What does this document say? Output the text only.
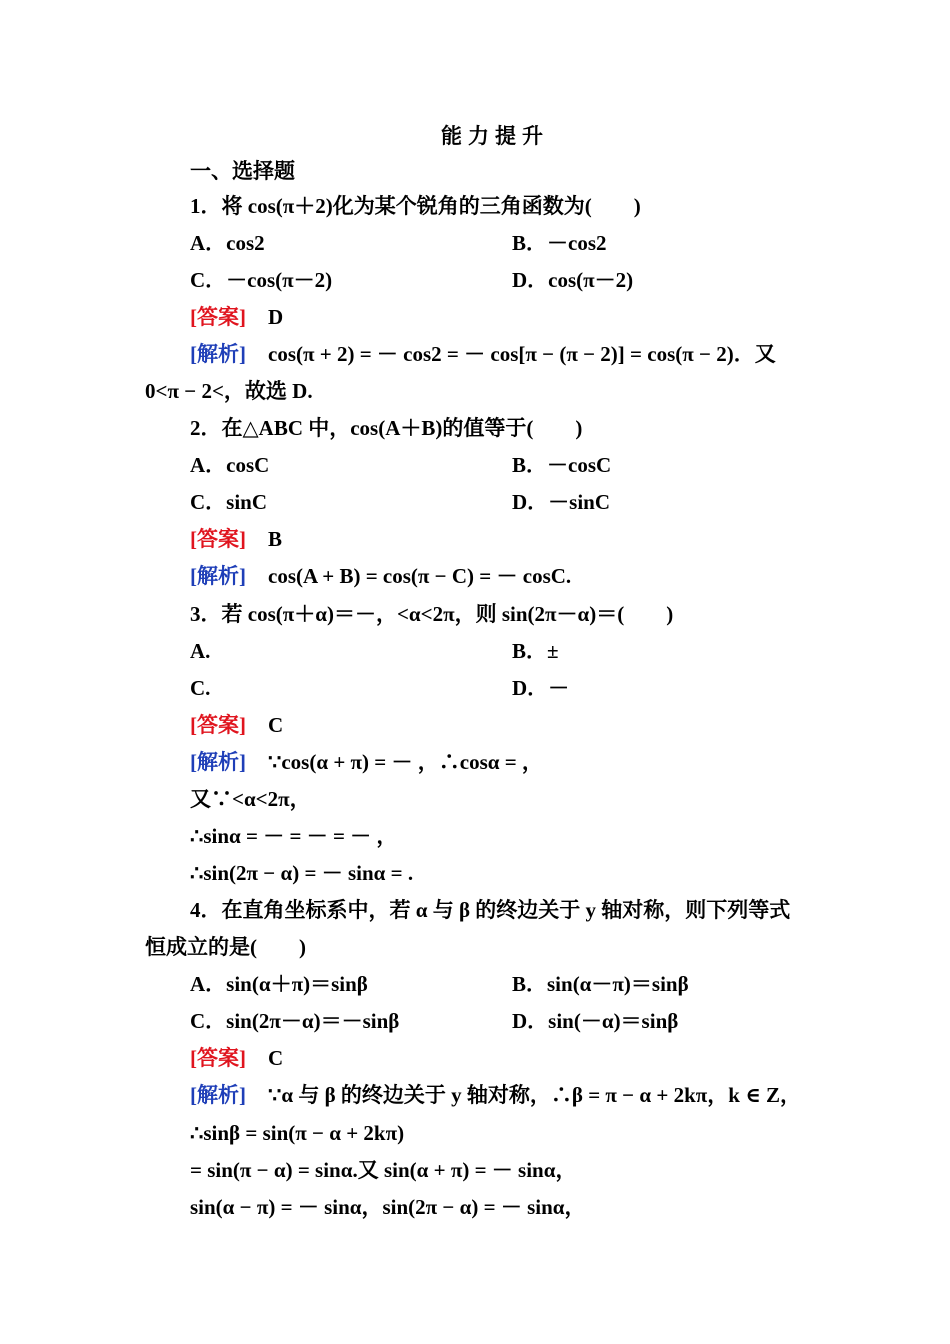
能力提升
一、选择题
1．将 cos(π＋2)化为某个锐角的三角函数为(　　)
A．cos2	B．－cos2
C．－cos(π－2)	D．cos(π－2)
[答案] D
[解析] cos(π + 2) = － cos2 = － cos[π − (π − 2)] = cos(π − 2)．又
0<π − 2<，故选 D.
2．在△ABC 中，cos(A＋B)的值等于(　　)
A．cosC	B．－cosC
C．sinC	D．－sinC
[答案] B
[解析] cos(A + B) = cos(π − C) = － cosC.
3．若 cos(π＋α)＝－，<α<2π，则 sin(2π－α)＝(　　)
A.	B．±
C.	D．－
[答案] C
[解析] ∵cos(α + π) = － ，∴cosα = ，
又∵<α<2π，
∴sinα = － = － = － ，
∴sin(2π − α) = － sinα = .
4．在直角坐标系中，若 α 与 β 的终边关于 y 轴对称，则下列等式
恒成立的是(　　)
A．sin(α＋π)＝sinβ	B．sin(α－π)＝sinβ
C．sin(2π－α)＝－sinβ	D．sin(－α)＝sinβ
[答案] C
[解析] ∵α 与 β 的终边关于 y 轴对称，∴β = π − α + 2kπ，k ∈ Z，
∴sinβ = sin(π − α + 2kπ)
= sin(π − α) = sinα.又 sin(α + π) = － sinα，
sin(α − π) = － sinα，sin(2π − α) = － sinα，
